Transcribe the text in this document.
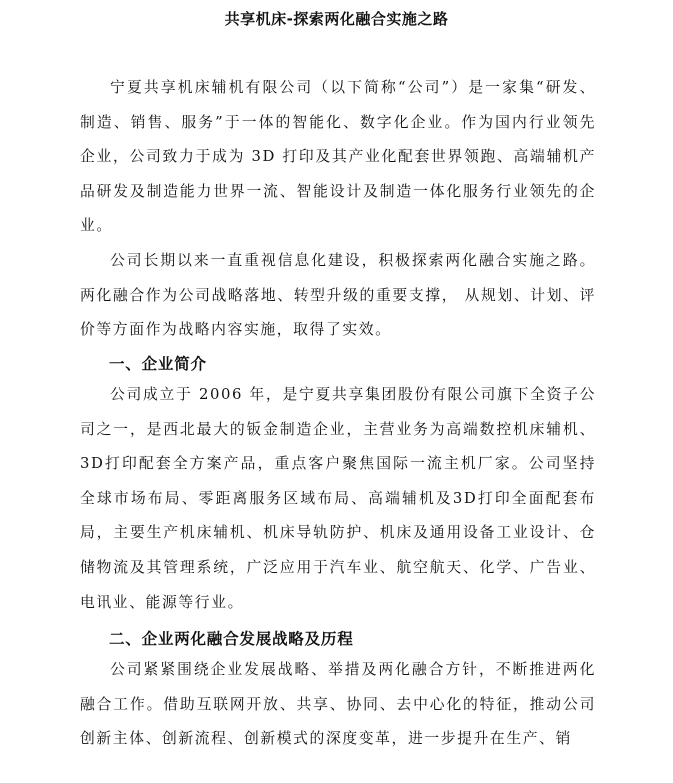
共享机床-探索两化融合实施之路

宁夏共享机床辅机有限公司（以下简称“公司”）是一家集“研发、 制造、销售、服务”于一体的智能化、数字化企业。作为国内行业领先企业，公司致力于成为 3D 打印及其产业化配套世界领跑、高端辅机产品研发及制造能力世界一流、智能设计及制造一体化服务行业领先的企业。

公司长期以来一直重视信息化建设，积极探索两化融合实施之路。两化融合作为公司战略落地、转型升级的重要支撑， 从规划、计划、评价等方面作为战略内容实施，取得了实效。

一、企业简介

公司成立于 2006 年，是宁夏共享集团股份有限公司旗下全资子公司之一，是西北最大的钣金制造企业，主营业务为高端数控机床辅机、3D打印配套全方案产品，重点客户聚焦国际一流主机厂家。公司坚持全球市场布局、零距离服务区域布局、高端辅机及3D打印全面配套布局，主要生产机床辅机、机床导轨防护、机床及通用设备工业设计、仓储物流及其管理系统，广泛应用于汽车业、航空航天、化学、广告业、电讯业、能源等行业。

二、企业两化融合发展战略及历程

公司紧紧围绕企业发展战略、举措及两化融合方针，不断推进两化融合工作。借助互联网开放、共享、协同、去中心化的特征，推动公司创新主体、创新流程、创新模式的深度变革，进一步提升在生产、销
